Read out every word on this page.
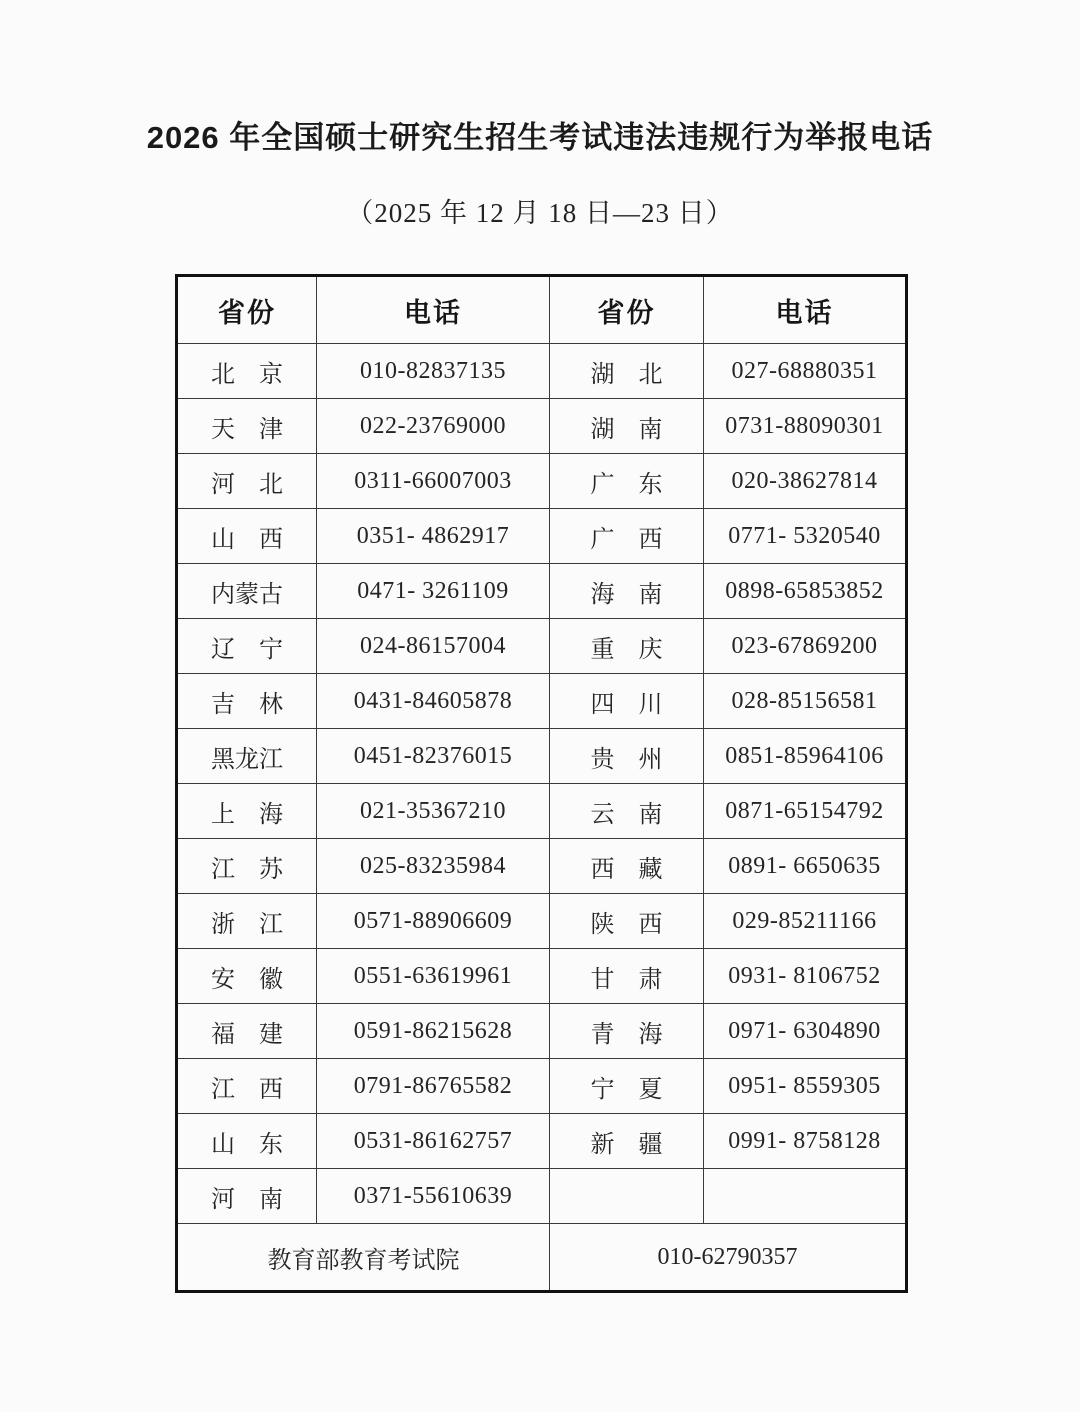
2026 年全国硕士研究生招生考试违法违规行为举报电话

（2025 年 12 月 18 日—23 日）

省份	电话	省份	电话
北　京	010-82837135	湖　北	027-68880351
天　津	022-23769000	湖　南	0731-88090301
河　北	0311-66007003	广　东	020-38627814
山　西	0351- 4862917	广　西	0771- 5320540
内蒙古	0471- 3261109	海　南	0898-65853852
辽　宁	024-86157004	重　庆	023-67869200
吉　林	0431-84605878	四　川	028-85156581
黑龙江	0451-82376015	贵　州	0851-85964106
上　海	021-35367210	云　南	0871-65154792
江　苏	025-83235984	西　藏	0891- 6650635
浙　江	0571-88906609	陕　西	029-85211166
安　徽	0551-63619961	甘　肃	0931- 8106752
福　建	0591-86215628	青　海	0971- 6304890
江　西	0791-86765582	宁　夏	0951- 8559305
山　东	0531-86162757	新　疆	0991- 8758128
河　南	0371-55610639		
教育部教育考试院		010-62790357	
